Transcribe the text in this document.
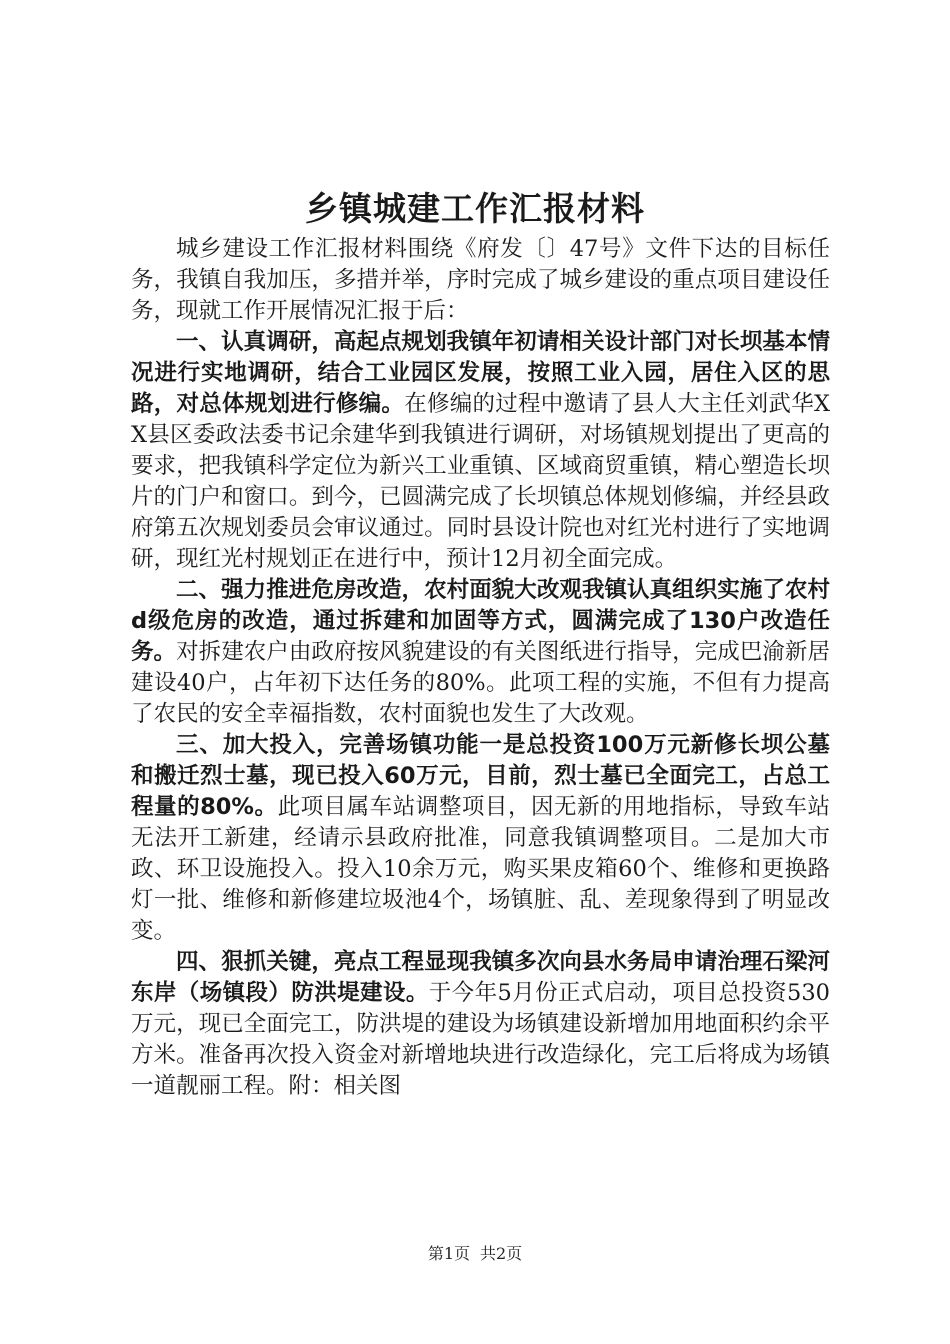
乡镇城建工作汇报材料

城乡建设工作汇报材料围绕《府发〔〕47号》文件下达的目标任务，我镇自我加压，多措并举，序时完成了城乡建设的重点项目建设任务，现就工作开展情况汇报于后：

一、认真调研，高起点规划我镇年初请相关设计部门对长坝基本情况进行实地调研，结合工业园区发展，按照工业入园，居住入区的思路，对总体规划进行修编。在修编的过程中邀请了县人大主任刘武华XX县区委政法委书记余建华到我镇进行调研，对场镇规划提出了更高的要求，把我镇科学定位为新兴工业重镇、区域商贸重镇，精心塑造长坝片的门户和窗口。到今，已圆满完成了长坝镇总体规划修编，并经县政府第五次规划委员会审议通过。同时县设计院也对红光村进行了实地调研，现红光村规划正在进行中，预计12月初全面完成。

二、强力推进危房改造，农村面貌大改观我镇认真组织实施了农村d级危房的改造，通过拆建和加固等方式，圆满完成了130户改造任务。对拆建农户由政府按风貌建设的有关图纸进行指导，完成巴渝新居建设40户，占年初下达任务的80%。此项工程的实施，不但有力提高了农民的安全幸福指数，农村面貌也发生了大改观。

三、加大投入，完善场镇功能一是总投资100万元新修长坝公墓和搬迁烈士墓，现已投入60万元，目前，烈士墓已全面完工，占总工程量的80%。此项目属车站调整项目，因无新的用地指标，导致车站无法开工新建，经请示县政府批准，同意我镇调整项目。二是加大市政、环卫设施投入。投入10余万元，购买果皮箱60个、维修和更换路灯一批、维修和新修建垃圾池4个，场镇脏、乱、差现象得到了明显改变。

四、狠抓关键，亮点工程显现我镇多次向县水务局申请治理石梁河东岸（场镇段）防洪堤建设。于今年5月份正式启动，项目总投资530万元，现已全面完工，防洪堤的建设为场镇建设新增加用地面积约余平方米。准备再次投入资金对新增地块进行改造绿化，完工后将成为场镇一道靓丽工程。附：相关图

第1页 共2页
